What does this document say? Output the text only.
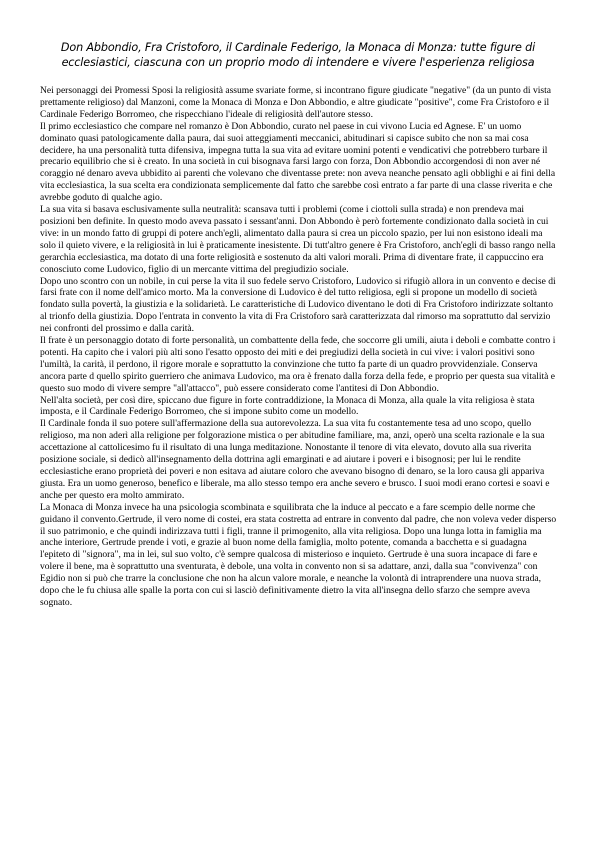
Don Abbondio, Fra Cristoforo, il Cardinale Federigo, la Monaca di Monza: tutte figure di ecclesiastici, ciascuna con un proprio modo di intendere e vivere l'esperienza religiosa

Nei personaggi dei Promessi Sposi la religiosità assume svariate forme, si incontrano figure giudicate "negative" (da un punto di vista prettamente religioso) dal Manzoni, come la Monaca di Monza e Don Abbondio, e altre giudicate "positive", come Fra Cristoforo e il Cardinale Federigo Borromeo, che rispecchiano l'ideale di religiosità dell'autore stesso.

Il primo ecclesiastico che compare nel romanzo è Don Abbondio, curato nel paese in cui vivono Lucia ed Agnese. E' un uomo dominato quasi patologicamente dalla paura, dai suoi atteggiamenti meccanici, abitudinari si capisce subito che non sa mai cosa decidere, ha una personalità tutta difensiva, impegna tutta la sua vita ad evitare uomini potenti e vendicativi che potrebbero turbare il precario equilibrio che si è creato. In una società in cui bisognava farsi largo con forza, Don Abbondio accorgendosi di non aver né coraggio né denaro aveva ubbidito ai parenti che volevano che diventasse prete: non aveva neanche pensato agli obblighi e ai fini della vita ecclesiastica, la sua scelta era condizionata semplicemente dal fatto che sarebbe così entrato a far parte di una classe riverita e che avrebbe goduto di qualche agio.

La sua vita si basava esclusivamente sulla neutralità: scansava tutti i problemi (come i ciottoli sulla strada) e non prendeva mai posizioni ben definite. In questo modo aveva passato i sessant'anni. Don Abbondo è però fortemente condizionato dalla società in cui vive: in un mondo fatto di gruppi di potere anch'egli, alimentato dalla paura si crea un piccolo spazio, per lui non esistono ideali ma solo il quieto vivere, e la religiosità in lui è praticamente inesistente. Di tutt'altro genere è Fra Cristoforo, anch'egli di basso rango nella gerarchia ecclesiastica, ma dotato di una forte religiosità e sostenuto da alti valori morali. Prima di diventare frate, il cappuccino era conosciuto come Ludovico, figlio di un mercante vittima del pregiudizio sociale.

Dopo uno scontro con un nobile, in cui perse la vita il suo fedele servo Cristoforo, Ludovico si rifugiò allora in un convento e decise di farsi frate con il nome dell'amico morto. Ma la conversione di Ludovico è del tutto religiosa, egli si propone un modello di società fondato sulla povertà, la giustizia e la solidarietà. Le caratteristiche di Ludovico diventano le doti di Fra Cristoforo indirizzate soltanto al trionfo della giustizia. Dopo l'entrata in convento la vita di Fra Cristoforo sarà caratterizzata dal rimorso ma soprattutto dal servizio nei confronti del prossimo e dalla carità.

Il frate è un personaggio dotato di forte personalità, un combattente della fede, che soccorre gli umili, aiuta i deboli e combatte contro i potenti. Ha capito che i valori più alti sono l'esatto opposto dei miti e dei pregiudizi della società in cui vive: i valori positivi sono l'umiltà, la carità, il perdono, il rigore morale e soprattutto la convinzione che tutto fa parte di un quadro provvidenziale. Conserva ancora parte d quello spirito guerriero che animava Ludovico, ma ora è frenato dalla forza della fede, e proprio per questa sua vitalità e questo suo modo di vivere sempre "all'attacco", può essere considerato come l'antitesi di Don Abbondio.

Nell'alta società, per così dire, spiccano due figure in forte contraddizione, la Monaca di Monza, alla quale la vita religiosa è stata imposta, e il Cardinale Federigo Borromeo, che si impone subito come un modello.

Il Cardinale fonda il suo potere sull'affermazione della sua autorevolezza. La sua vita fu costantemente tesa ad uno scopo, quello religioso, ma non aderì alla religione per folgorazione mistica o per abitudine familiare, ma, anzi, operò una scelta razionale e la sua accettazione al cattolicesimo fu il risultato di una lunga meditazione. Nonostante il tenore di vita elevato, dovuto alla sua riverita posizione sociale, si dedicò all'insegnamento della dottrina agli emarginati e ad aiutare i poveri e i bisognosi; per lui le rendite ecclesiastiche erano proprietà dei poveri e non esitava ad aiutare coloro che avevano bisogno di denaro, se la loro causa gli appariva giusta. Era un uomo generoso, benefico e liberale, ma allo stesso tempo era anche severo e brusco. I suoi modi erano cortesi e soavi e anche per questo era molto ammirato.

La Monaca di Monza invece ha una psicologia scombinata e squilibrata che la induce al peccato e a fare scempio delle norme che guidano il convento.Gertrude, il vero nome di costei, era stata costretta ad entrare in convento dal padre, che non voleva veder disperso il suo patrimonio, e che quindi indirizzava tutti i figli, tranne il primogenito, alla vita religiosa. Dopo una lunga lotta in famiglia ma anche interiore, Gertrude prende i voti, e grazie al buon nome della famiglia, molto potente, comanda a bacchetta e si guadagna l'epiteto di "signora", ma in lei, sul suo volto, c'è sempre qualcosa di misterioso e inquieto. Gertrude è una suora incapace di fare e volere il bene, ma è soprattutto una sventurata, è debole, una volta in convento non si sa adattare, anzi, dalla sua "convivenza" con Egidio non si può che trarre la conclusione che non ha alcun valore morale, e neanche la volontà di intraprendere una nuova strada, dopo che le fu chiusa alle spalle la porta con cui si lasciò definitivamente dietro la vita all'insegna dello sfarzo che sempre aveva sognato.
